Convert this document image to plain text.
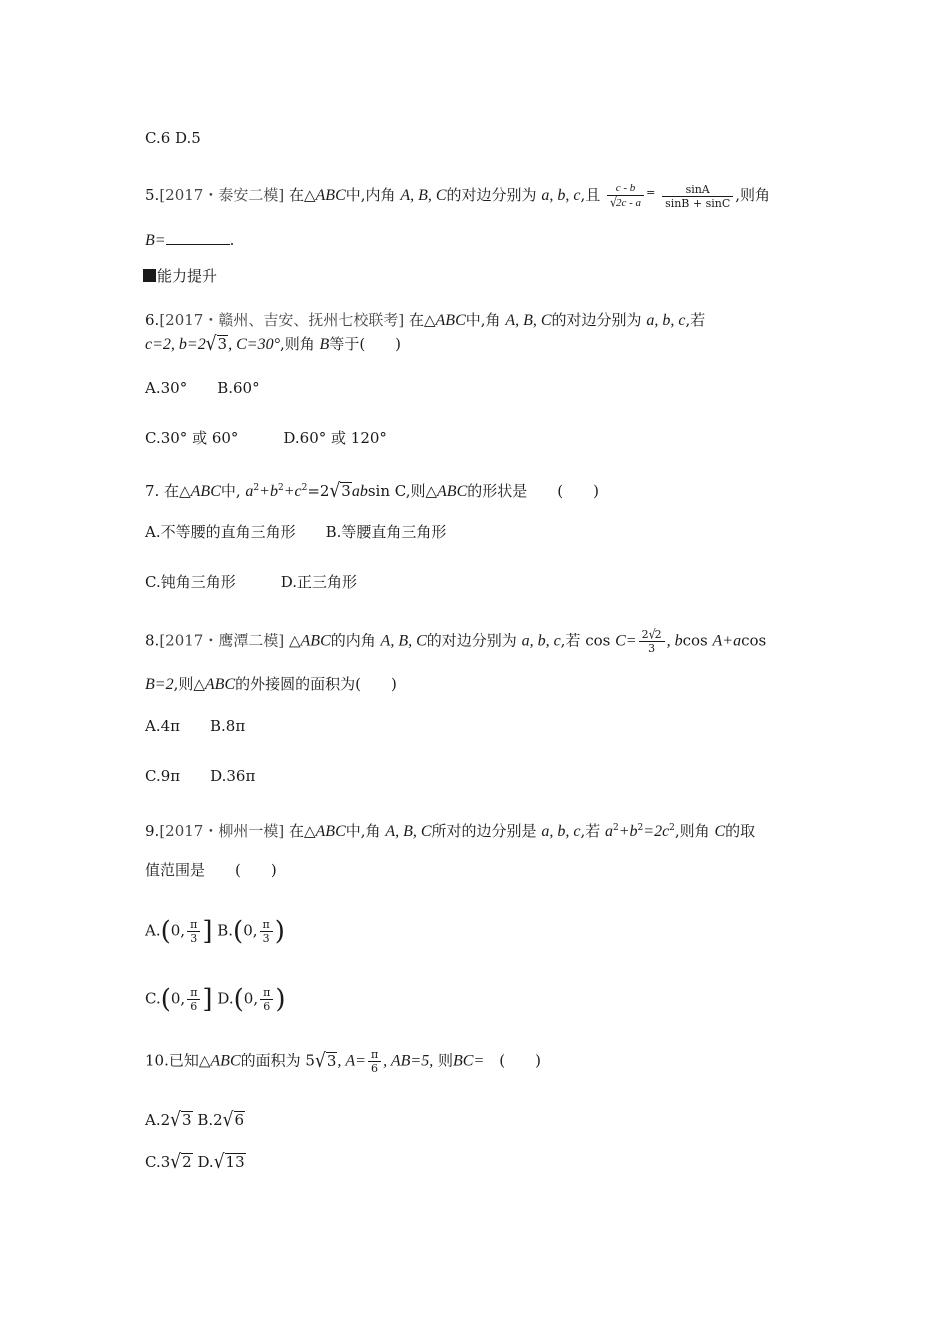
C.6 D.5
5.[2017・泰安二模] 在△ABC中,内角 A, B, C的对边分别为 a, b, c,且 $\frac{c - b}{√2c - a} ^= \frac{\sin A}{\sin B + \sin C}$ ,则角
B=	.
能力提升
6.[2017・赣州、吉安、抚州七校联考] 在△ABC中,角 A, B, C的对边分别为 a, b, c,若
c=2, b=2√3, C=30°,则角 B等于(　　)
A.30°　　B.60°
C.30° 或 60°　　　D.60° 或 120°
7. 在△ABC中, $a^2+b^2+c^2=2√3absin$ C,则△ABC的形状是　　(　　)
A.不等腰的直角三角形　　B.等腰直角三角形
C.钝角三角形　　　D.正三角形
8.[2017・鹰潭二模] △ABC的内角 A, B, C的对边分别为 a, b, c,若 $\cos C= \frac{2√2}{3}$ , bcos A+acos
B=2,则△ABC的外接圆的面积为(　　)
A.4π　　B.8π
C.9π　　D.36π
9.[2017・柳州一模] 在△ABC中,角 A, B, C所对的边分别是 a, b, c,若 $a^2+b^2=2c^2$,则角 C的取
值范围是　　(　　)
A.(0, $\frac{\pi}{3}$ ] B.(0, $\frac{\pi}{3}$ )
C.(0, $\frac{\pi}{6}$ ] D.(0, $\frac{\pi}{6}$ )
10.已知△ABC的面积为 5√3, $A= \frac{\pi}{6}$ , AB=5, 则BC=　(　　)
A.2√3 B.2√6
C.3√2 D.√13
